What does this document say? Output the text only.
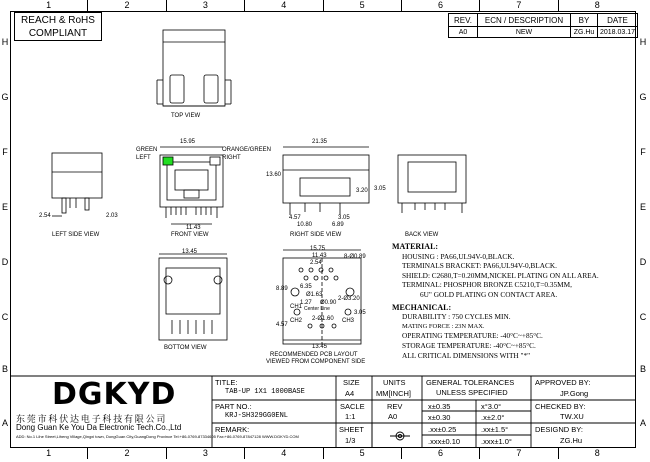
1	2	3	4	5	6	7	8
1	2	3	4	5	6	7	8
H
G
F
E
D
C
B
A
H
G
F
E
D
C
B
A
REACH & RoHS
COMPLIANT
REV.	ECN / DESCRIPTION	BY	DATE
A0	NEW	ZG.Hu	2018.03.17
TOP VIEW
LEFT SIDE VIEW	FRONT VIEW	RIGHT SIDE VIEW	BACK VIEW
BOTTOM VIEW
RECOMMENDED PCB LAYOUT
VIEWED FROM COMPONENT SIDE
GREEN
LEFT
ORANGE/GREEN
RIGHT
15.95
11.43
2.54	2.03
21.35
13.60
3.20 3.05
4.57	3.05
10.80	6.89
13.45	15.75
11.43
2.54
6.35
8.89
4.57
1.27
3.05
13.45
2-Ø3.20
2-Ø1.60
Ø1.63
8-Ø0.89
Ø0.90
CH1
CH2	CH3
Center Line
MATERIAL:
HOUSING : PA66,UL94V-0,BLACK.
TERMINALS BRACKET: PA66,UL94V-0,BLACK.
SHIELD: C2680,T=0.20MM,NICKEL PLATING ON ALL AREA.
TERMINAL: PHOSPHOR BRONZE C5210,T=0.35MM,
6U" GOLD PLATING ON CONTACT AREA.
MECHANICAL:
DURABILITY : 750 CYCLES MIN.
MATING FORCE : 23N MAX.
OPERATING TEMPERATURE: -40°C~+85°C.
STORAGE TEMPERATURE: -40°C~+85°C.
ALL CRITICAL DIMENSIONS WITH "*"
DGKYD
东莞市科伏达电子科技有限公司
Dong Guan Ke You Da Electronic Tech.Co.,Ltd
ADD: No.1 Lihe Street,Liheng Village,Qingxi town, DongGuan City,GuangDong Province Tel:+86-0769-87334605 Fax:+86-0769-87847128 WWW.DGKYD.COM
TITLE:
TAB-UP 1X1 1000BASE
PART NO.:
KRJ-SH329GG0ENL
REMARK:
SIZE
A4
UNITS
MM[INCH]
SACLE
1:1
REV
A0
SHEET
1/3
GENERAL TOLERANCES
UNLESS SPECIFIED
x±0.35	x°3.0°
x±0.30	.x±2.0°
.xx±0.25	.xx±1.5°
.xxx±0.10	.xxx±1.0°
APPROVED BY:
JP.Gong
CHECKED BY:
TW.XU
DESIGND BY:
ZG.Hu
